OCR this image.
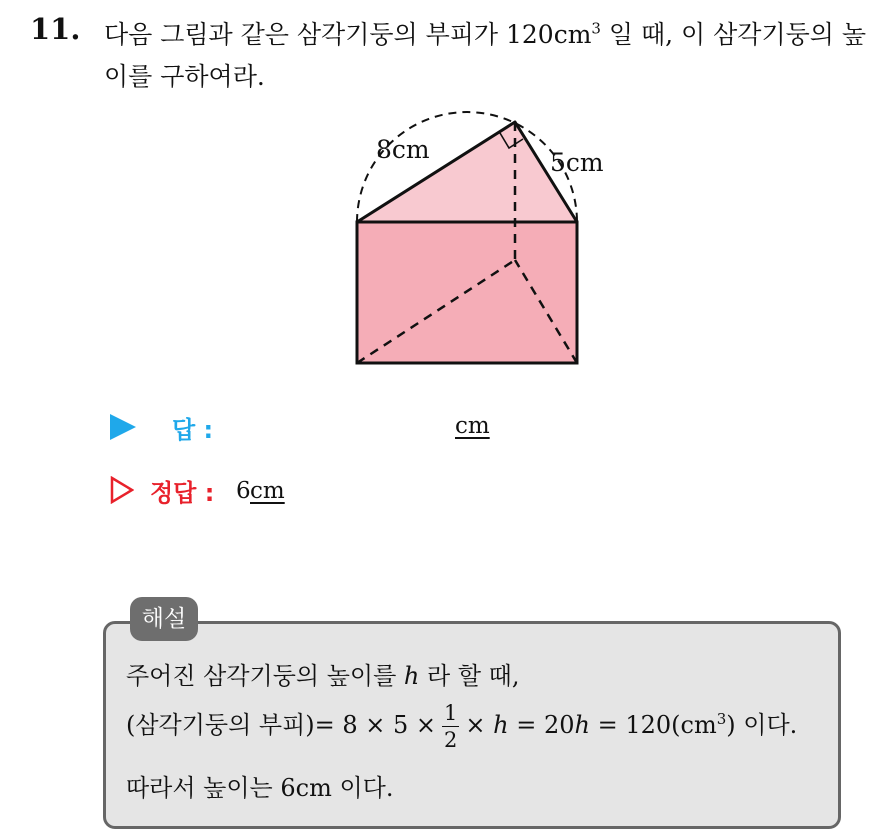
11. 다음 그림과 같은 삼각기둥의 부피가 $120cm^3$ 일 때, 이 삼각기둥의 높이를 구하여라.
8cm	5cm
답 :	cm
정답 : 6 cm
해설
주어진 삼각기둥의 높이를 h 라 할 때,
(삼각기둥의 부피)= $8 \times 5 \times \frac{1}{2} \times h = 20h = 120(cm^3)$ 이다.
따라서 높이는 6cm 이다.
